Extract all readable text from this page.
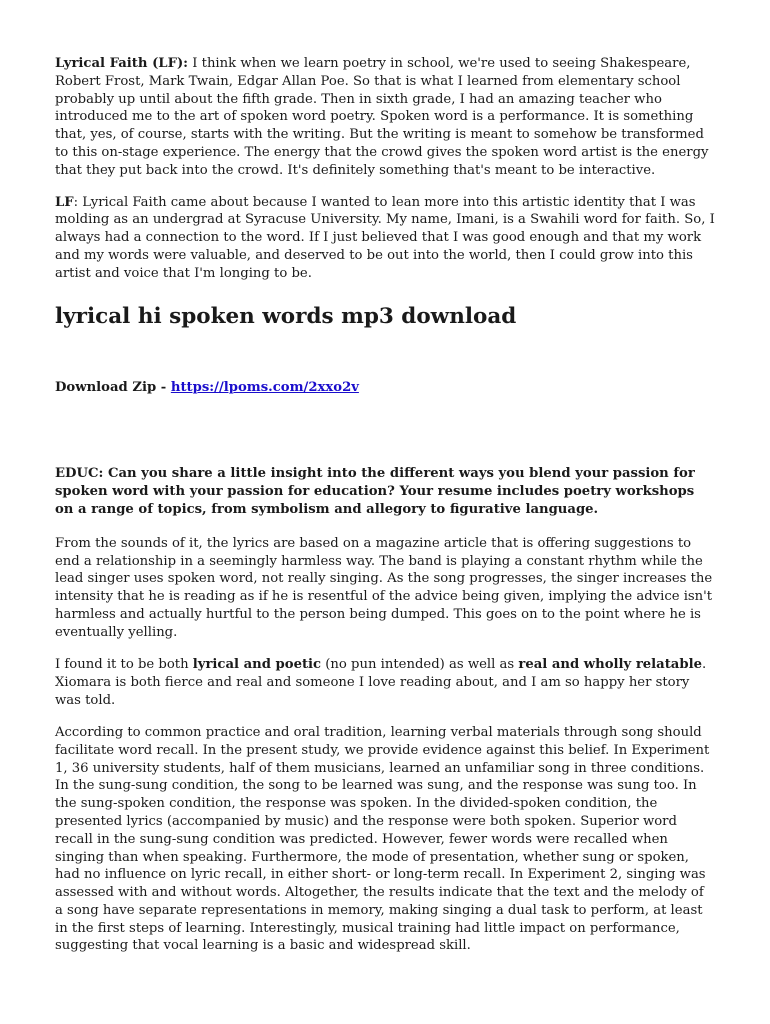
Lyrical Faith (LF): I think when we learn poetry in school, we're used to seeing Shakespeare, Robert Frost, Mark Twain, Edgar Allan Poe. So that is what I learned from elementary school probably up until about the fifth grade. Then in sixth grade, I had an amazing teacher who introduced me to the art of spoken word poetry. Spoken word is a performance. It is something that, yes, of course, starts with the writing. But the writing is meant to somehow be transformed to this on-stage experience. The energy that the crowd gives the spoken word artist is the energy that they put back into the crowd. It's definitely something that's meant to be interactive.

LF: Lyrical Faith came about because I wanted to lean more into this artistic identity that I was molding as an undergrad at Syracuse University. My name, Imani, is a Swahili word for faith. So, I always had a connection to the word. If I just believed that I was good enough and that my work and my words were valuable, and deserved to be out into the world, then I could grow into this artist and voice that I'm longing to be.

lyrical hi spoken words mp3 download

Download Zip - https://lpoms.com/2xxo2v

EDUC: Can you share a little insight into the different ways you blend your passion for spoken word with your passion for education? Your resume includes poetry workshops on a range of topics, from symbolism and allegory to figurative language.

From the sounds of it, the lyrics are based on a magazine article that is offering suggestions to end a relationship in a seemingly harmless way. The band is playing a constant rhythm while the lead singer uses spoken word, not really singing. As the song progresses, the singer increases the intensity that he is reading as if he is resentful of the advice being given, implying the advice isn't harmless and actually hurtful to the person being dumped. This goes on to the point where he is eventually yelling.

I found it to be both lyrical and poetic (no pun intended) as well as real and wholly relatable. Xiomara is both fierce and real and someone I love reading about, and I am so happy her story was told.

According to common practice and oral tradition, learning verbal materials through song should facilitate word recall. In the present study, we provide evidence against this belief. In Experiment 1, 36 university students, half of them musicians, learned an unfamiliar song in three conditions. In the sung-sung condition, the song to be learned was sung, and the response was sung too. In the sung-spoken condition, the response was spoken. In the divided-spoken condition, the presented lyrics (accompanied by music) and the response were both spoken. Superior word recall in the sung-sung condition was predicted. However, fewer words were recalled when singing than when speaking. Furthermore, the mode of presentation, whether sung or spoken, had no influence on lyric recall, in either short- or long-term recall. In Experiment 2, singing was assessed with and without words. Altogether, the results indicate that the text and the melody of a song have separate representations in memory, making singing a dual task to perform, at least in the first steps of learning. Interestingly, musical training had little impact on performance, suggesting that vocal learning is a basic and widespread skill.
